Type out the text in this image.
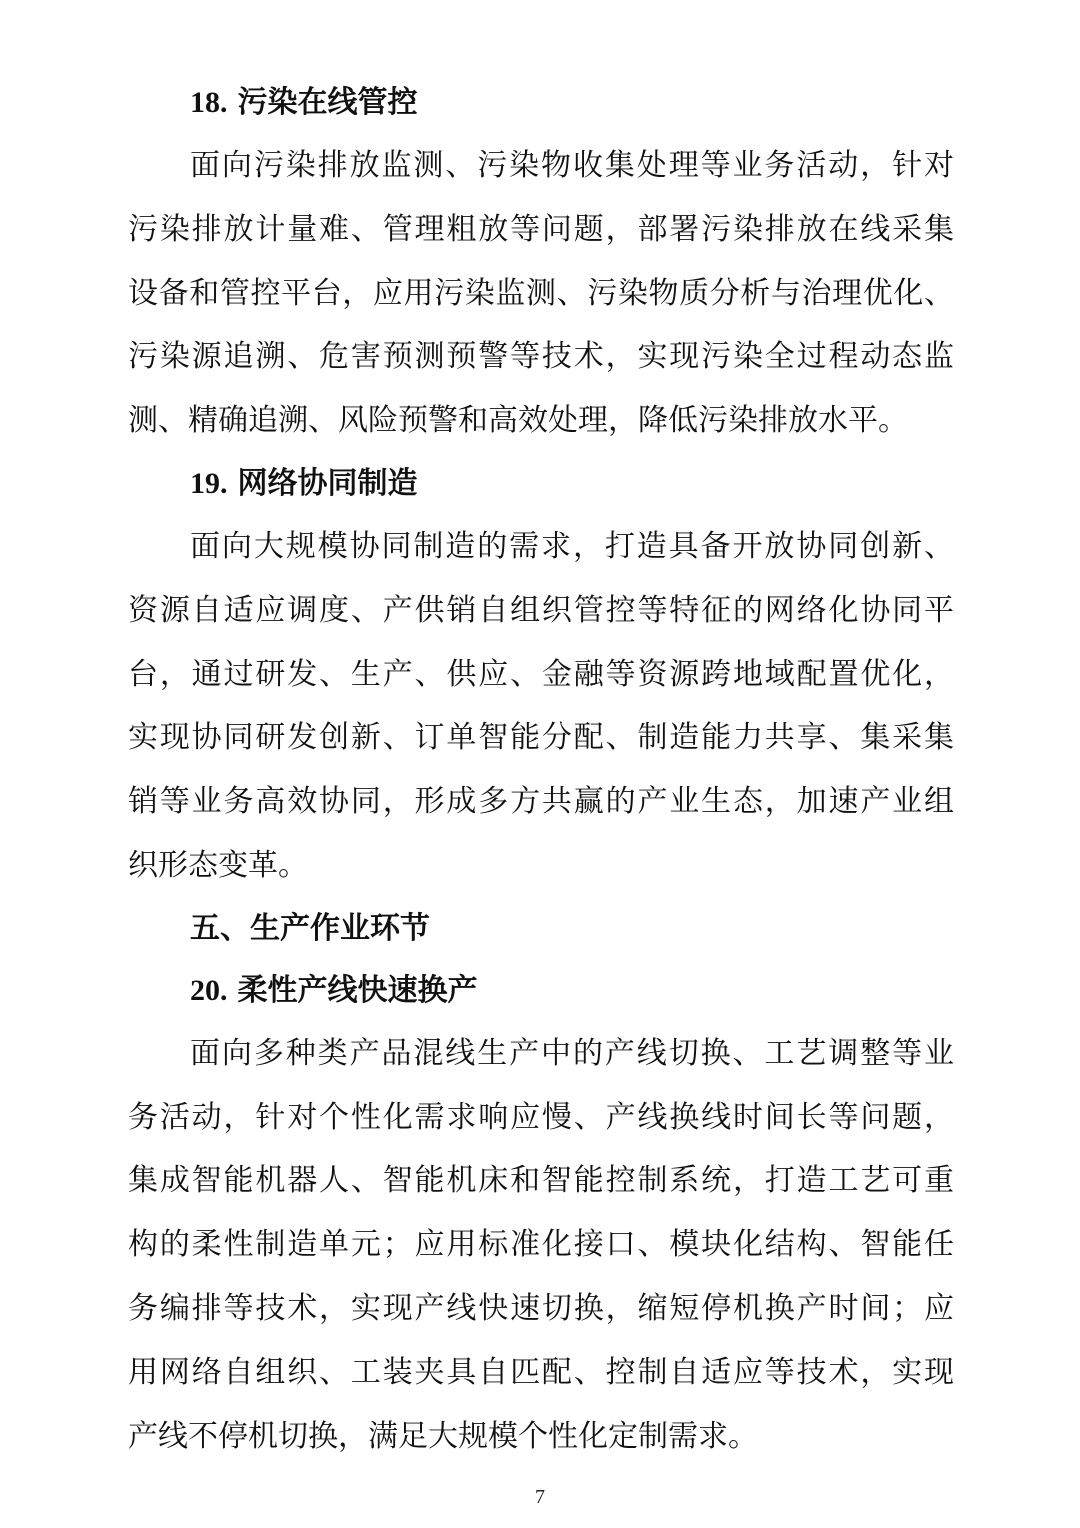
18. 污染在线管控
面向污染排放监测、污染物收集处理等业务活动，针对
污染排放计量难、管理粗放等问题，部署污染排放在线采集
设备和管控平台，应用污染监测、污染物质分析与治理优化、
污染源追溯、危害预测预警等技术，实现污染全过程动态监
测、精确追溯、风险预警和高效处理，降低污染排放水平。
19. 网络协同制造
面向大规模协同制造的需求，打造具备开放协同创新、
资源自适应调度、产供销自组织管控等特征的网络化协同平
台，通过研发、生产、供应、金融等资源跨地域配置优化，
实现协同研发创新、订单智能分配、制造能力共享、集采集
销等业务高效协同，形成多方共赢的产业生态，加速产业组
织形态变革。
五、生产作业环节
20. 柔性产线快速换产
面向多种类产品混线生产中的产线切换、工艺调整等业
务活动，针对个性化需求响应慢、产线换线时间长等问题，
集成智能机器人、智能机床和智能控制系统，打造工艺可重
构的柔性制造单元；应用标准化接口、模块化结构、智能任
务编排等技术，实现产线快速切换，缩短停机换产时间；应
用网络自组织、工装夹具自匹配、控制自适应等技术，实现
产线不停机切换，满足大规模个性化定制需求。
7
